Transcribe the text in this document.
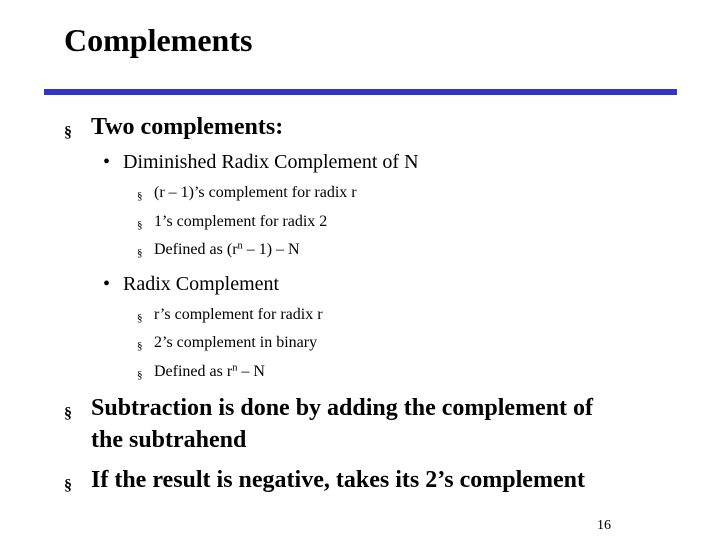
Complements
§ Two complements:
• Diminished Radix Complement of N
§ (r – 1)’s complement for radix r
§ 1’s complement for radix 2
§ Defined as $(r^n - 1)$ – N
• Radix Complement
§ r’s complement for radix r
§ 2’s complement in binary
§ Defined as $r^n$ – N
§ Subtraction is done by adding the complement of
the subtrahend
§ If the result is negative, takes its 2’s complement
16
